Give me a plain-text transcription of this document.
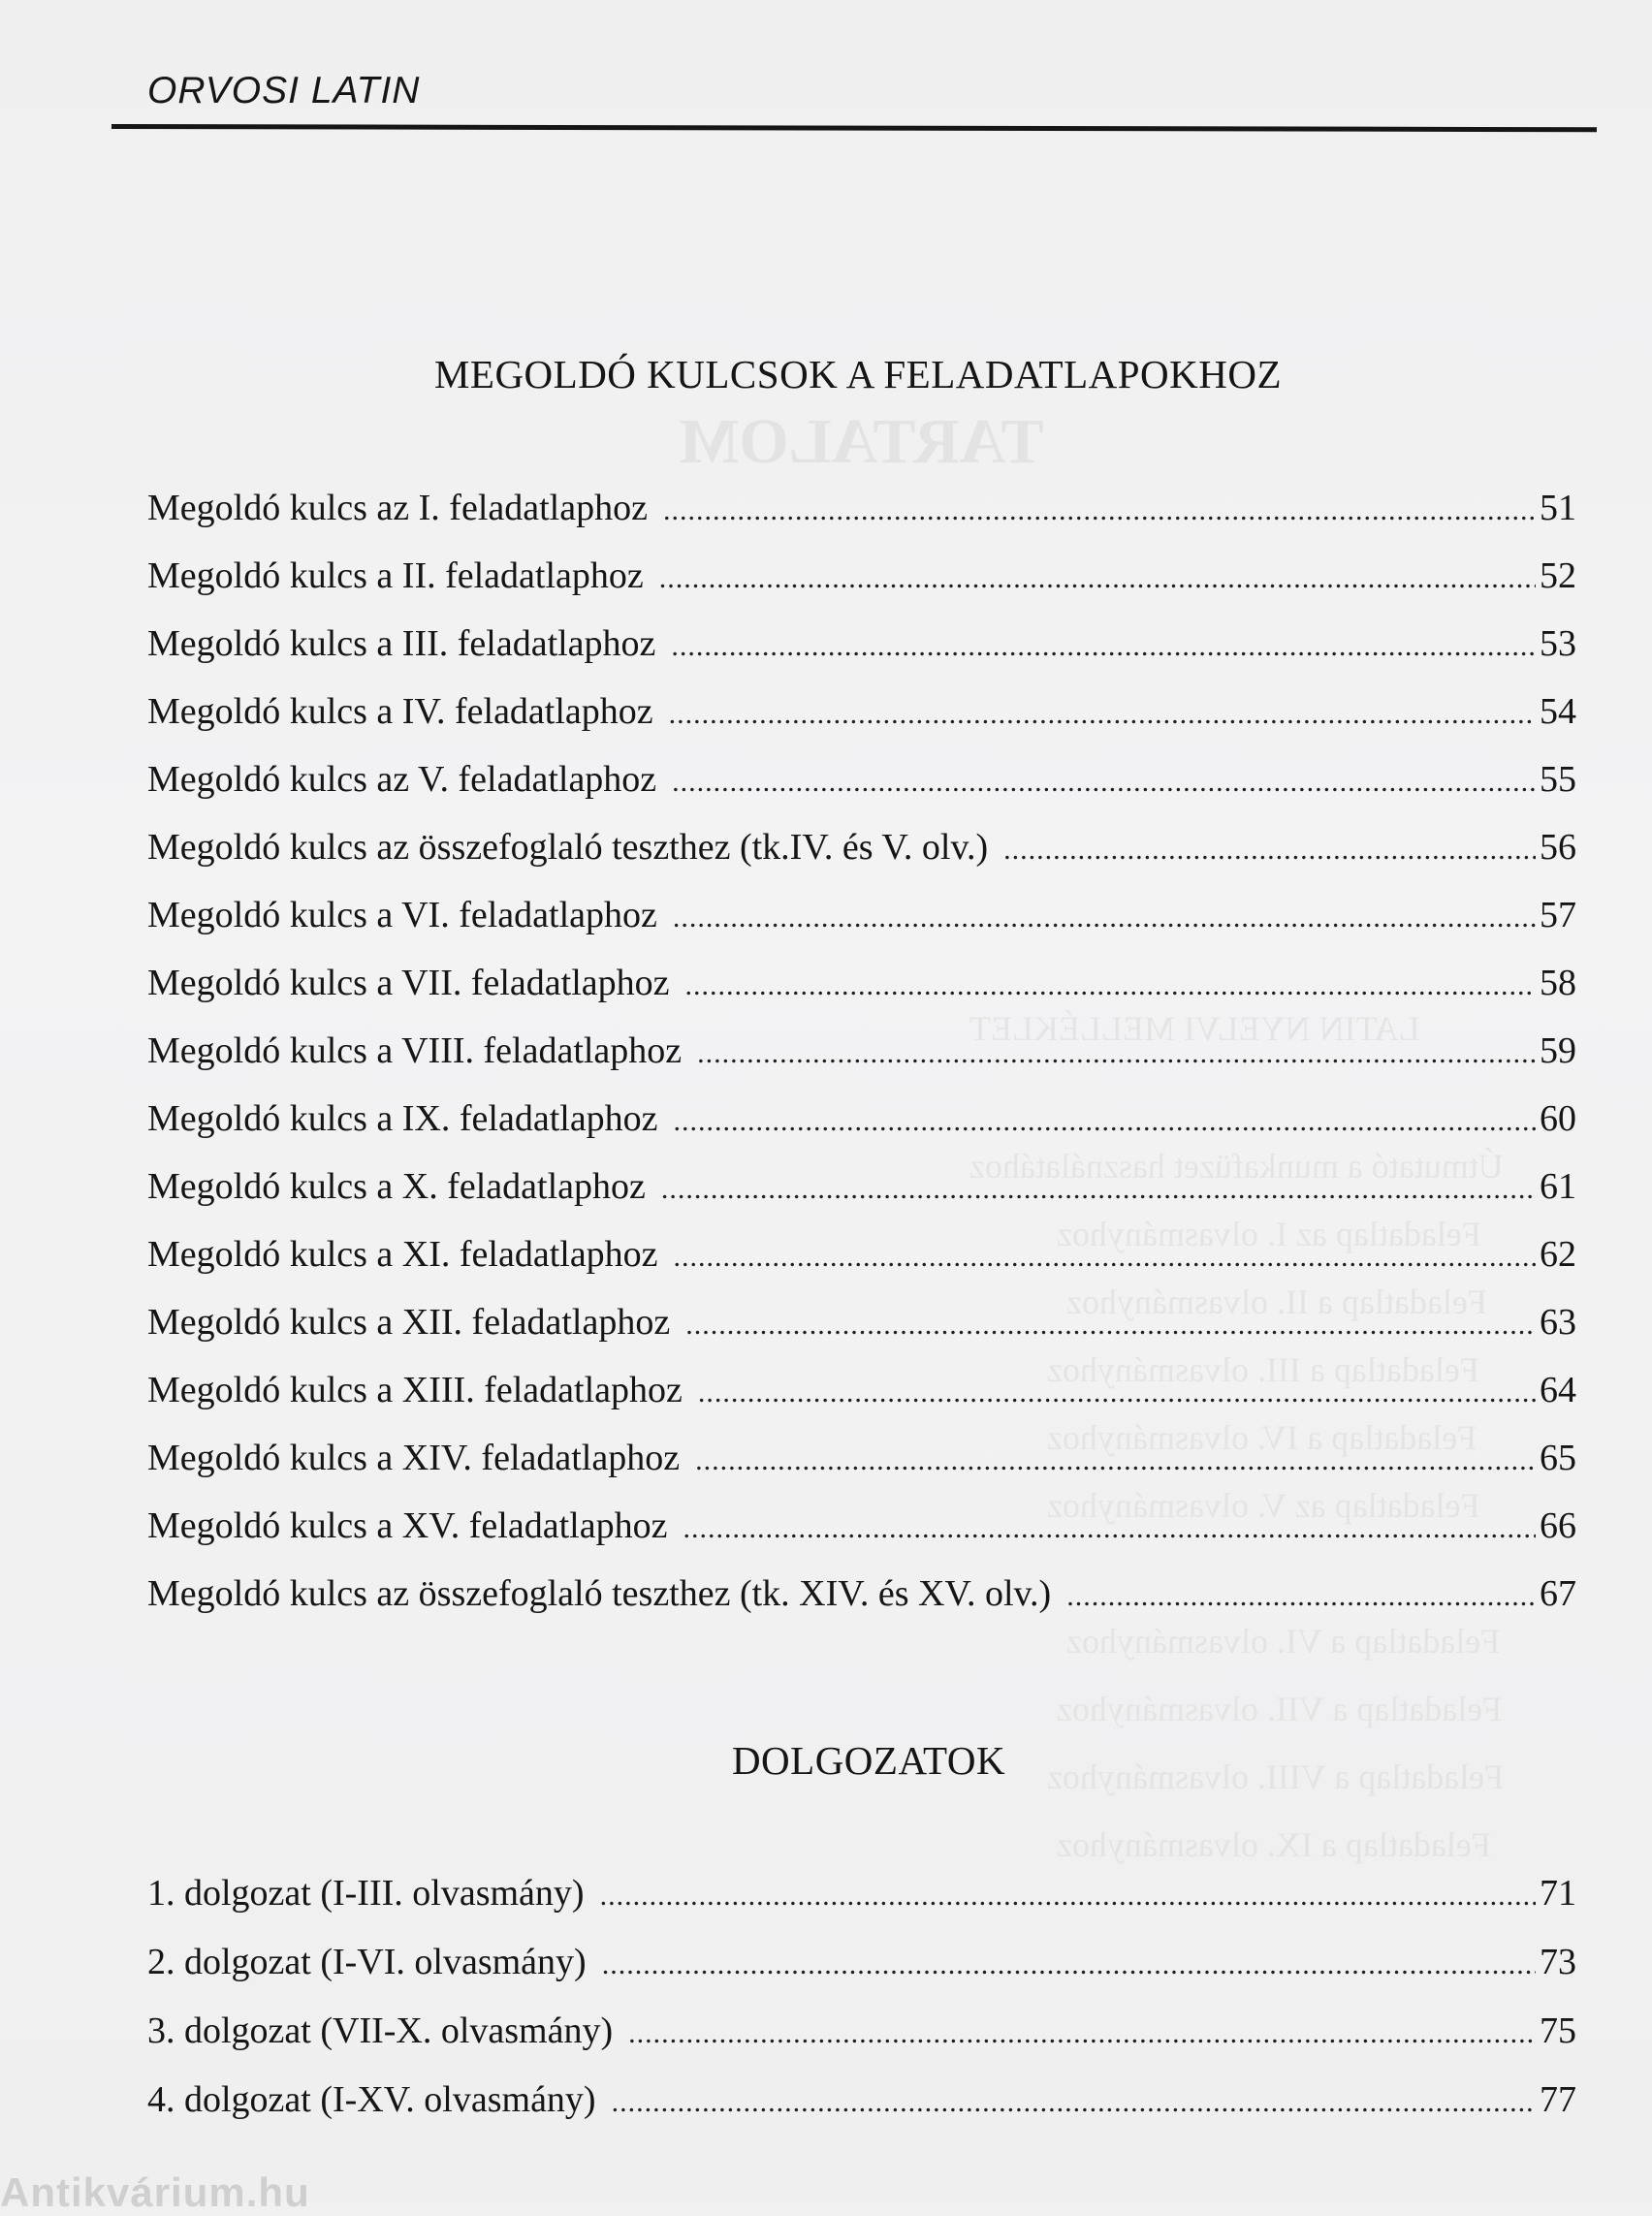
TARTALOM
LATIN NYELVI MELLÉKLET
Útmutató a munkafüzet használatához
Feladatlap az I. olvasmányhoz
Feladatlap a II. olvasmányhoz
Feladatlap a III. olvasmányhoz
Feladatlap a IV. olvasmányhoz
Feladatlap az V. olvasmányhoz
Feladatlap a VI. olvasmányhoz
Feladatlap a VII. olvasmányhoz
Feladatlap a VIII. olvasmányhoz
Feladatlap a IX. olvasmányhoz
ORVOSI LATIN
MEGOLDÓ KULCSOK A FELADATLAPOKHOZ
Megoldó kulcs az I. feladatlaphoz .....	51
Megoldó kulcs a II. feladatlaphoz .....	52
Megoldó kulcs a III. feladatlaphoz .....	53
Megoldó kulcs a IV. feladatlaphoz .....	54
Megoldó kulcs az V. feladatlaphoz .....	55
Megoldó kulcs az összefoglaló teszthez (tk.IV. és V. olv.) .....	56
Megoldó kulcs a VI. feladatlaphoz .....	57
Megoldó kulcs a VII. feladatlaphoz .....	58
Megoldó kulcs a VIII. feladatlaphoz .....	59
Megoldó kulcs a IX. feladatlaphoz .....	60
Megoldó kulcs a X. feladatlaphoz .....	61
Megoldó kulcs a XI. feladatlaphoz .....	62
Megoldó kulcs a XII. feladatlaphoz .....	63
Megoldó kulcs a XIII. feladatlaphoz .....	64
Megoldó kulcs a XIV. feladatlaphoz .....	65
Megoldó kulcs a XV. feladatlaphoz .....	66
Megoldó kulcs az összefoglaló teszthez (tk. XIV. és XV. olv.) .....	67
DOLGOZATOK
1. dolgozat (I-III. olvasmány) .....	71
2. dolgozat (I-VI. olvasmány) .....	73
3. dolgozat (VII-X. olvasmány) .....	75
4. dolgozat (I-XV. olvasmány) .....	77
Antikvárium.hu
